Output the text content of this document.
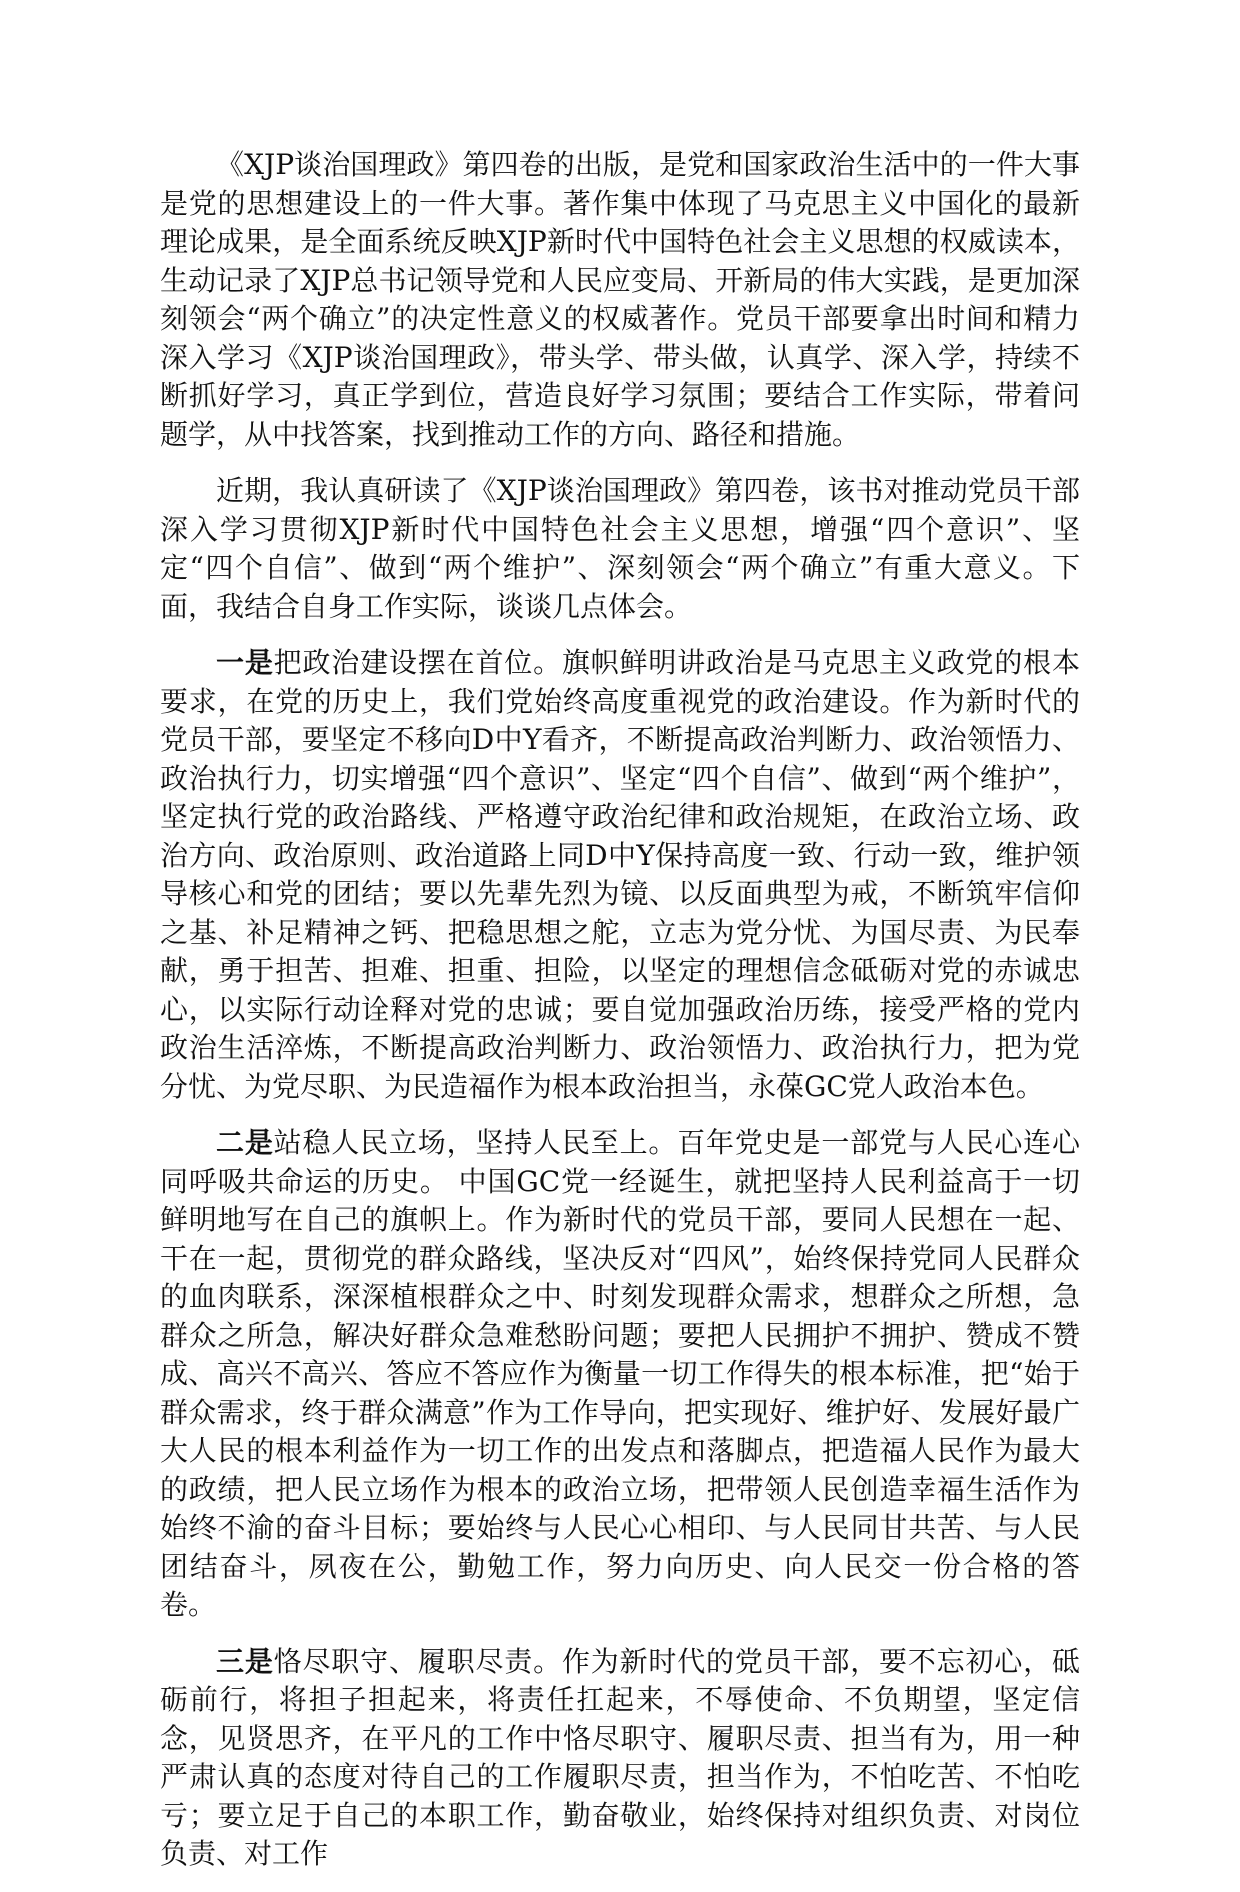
《XJP谈治国理政》第四卷的出版，是党和国家政治生活中的一件大事是党的思想建设上的一件大事。著作集中体现了马克思主义中国化的最新理论成果，是全面系统反映XJP新时代中国特色社会主义思想的权威读本，生动记录了XJP总书记领导党和人民应变局、开新局的伟大实践，是更加深刻领会“两个确立”的决定性意义的权威著作。党员干部要拿出时间和精力深入学习《XJP谈治国理政》，带头学、带头做，认真学、深入学，持续不断抓好学习，真正学到位，营造良好学习氛围；要结合工作实际，带着问题学，从中找答案，找到推动工作的方向、路径和措施。

近期，我认真研读了《XJP谈治国理政》第四卷，该书对推动党员干部深入学习贯彻XJP新时代中国特色社会主义思想，增强“四个意识”、坚定“四个自信”、做到“两个维护”、深刻领会“两个确立”有重大意义。下面，我结合自身工作实际，谈谈几点体会。

一是把政治建设摆在首位。旗帜鲜明讲政治是马克思主义政党的根本要求，在党的历史上，我们党始终高度重视党的政治建设。作为新时代的党员干部，要坚定不移向D中Y看齐，不断提高政治判断力、政治领悟力、政治执行力，切实增强“四个意识”、坚定“四个自信”、做到“两个维护”，坚定执行党的政治路线、严格遵守政治纪律和政治规矩，在政治立场、政治方向、政治原则、政治道路上同D中Y保持高度一致、行动一致，维护领导核心和党的团结；要以先辈先烈为镜、以反面典型为戒，不断筑牢信仰之基、补足精神之钙、把稳思想之舵，立志为党分忧、为国尽责、为民奉献，勇于担苦、担难、担重、担险，以坚定的理想信念砥砺对党的赤诚忠心，以实际行动诠释对党的忠诚；要自觉加强政治历练，接受严格的党内政治生活淬炼，不断提高政治判断力、政治领悟力、政治执行力，把为党分忧、为党尽职、为民造福作为根本政治担当，永葆GC党人政治本色。

二是站稳人民立场，坚持人民至上。百年党史是一部党与人民心连心同呼吸共命运的历史。 中国GC党一经诞生，就把坚持人民利益高于一切鲜明地写在自己的旗帜上。作为新时代的党员干部，要同人民想在一起、干在一起，贯彻党的群众路线，坚决反对“四风”，始终保持党同人民群众的血肉联系，深深植根群众之中、时刻发现群众需求，想群众之所想，急群众之所急，解决好群众急难愁盼问题；要把人民拥护不拥护、赞成不赞成、高兴不高兴、答应不答应作为衡量一切工作得失的根本标准，把“始于群众需求，终于群众满意”作为工作导向，把实现好、维护好、发展好最广大人民的根本利益作为一切工作的出发点和落脚点，把造福人民作为最大的政绩，把人民立场作为根本的政治立场，把带领人民创造幸福生活作为始终不渝的奋斗目标；要始终与人民心心相印、与人民同甘共苦、与人民团结奋斗，夙夜在公，勤勉工作，努力向历史、向人民交一份合格的答卷。

三是恪尽职守、履职尽责。作为新时代的党员干部，要不忘初心，砥砺前行，将担子担起来，将责任扛起来，不辱使命、不负期望，坚定信念，见贤思齐，在平凡的工作中恪尽职守、履职尽责、担当有为，用一种严肃认真的态度对待自己的工作履职尽责，担当作为，不怕吃苦、不怕吃亏；要立足于自己的本职工作，勤奋敬业，始终保持对组织负责、对岗位负责、对工作
